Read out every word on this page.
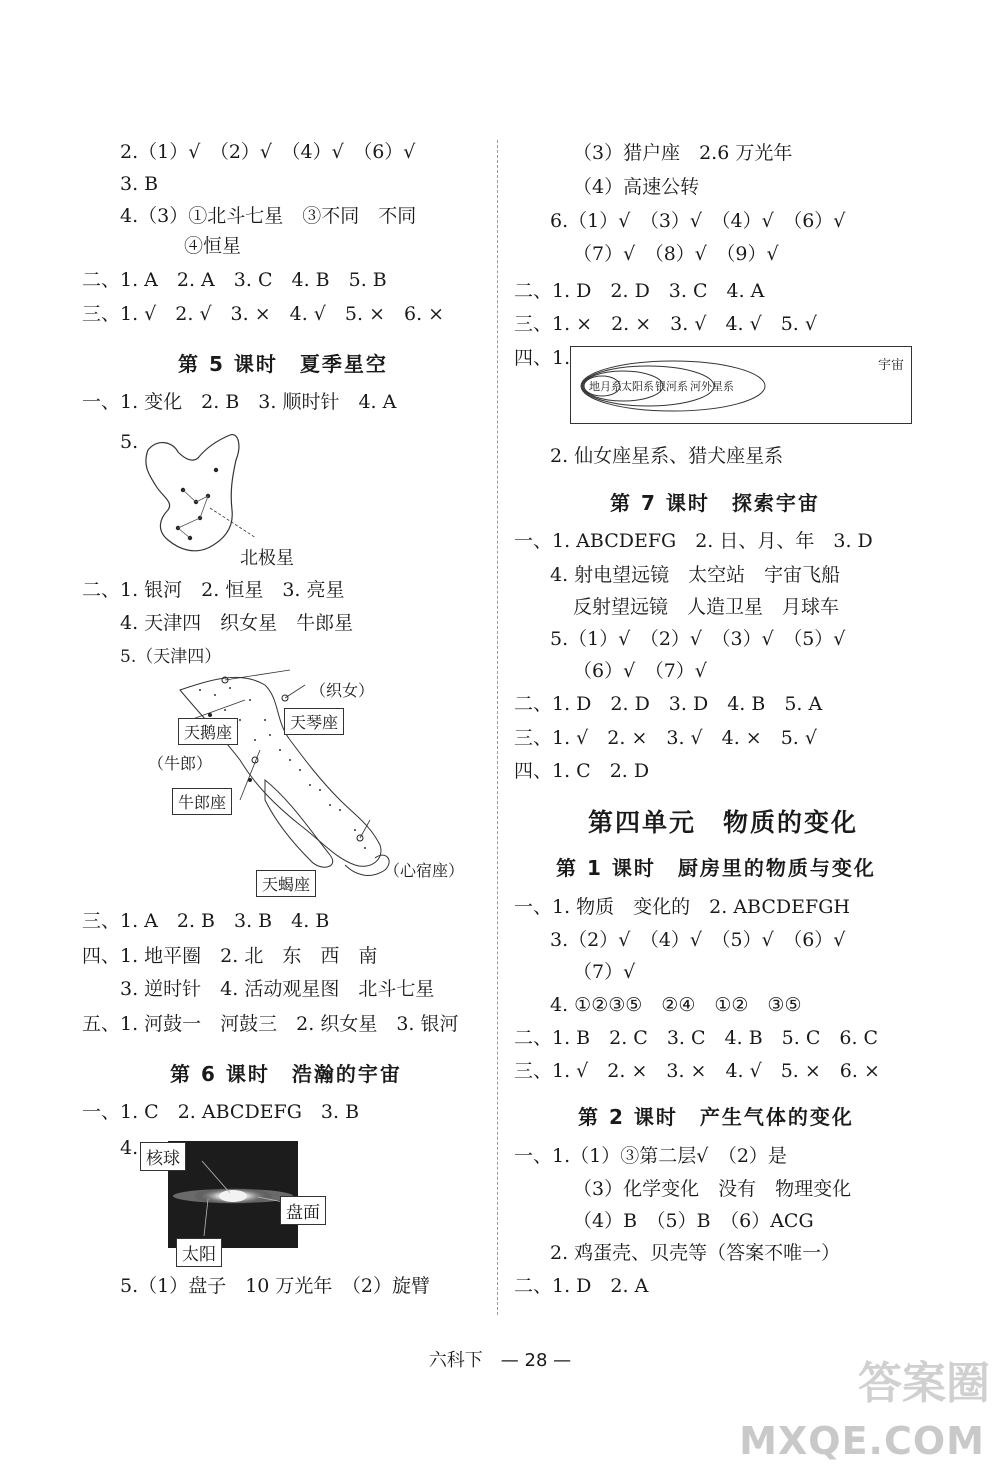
2.（1）√　（2）√　（4）√　（6）√
3. B
4.（3）①北斗七星　③不同　不同
④恒星
二、1. A　2. A　3. C　4. B　5. B
三、1. √　2. √　3. ×　4. √　5. ×　6. ×
第 5 课时　夏季星空
一、1. 变化　2. B　3. 顺时针　4. A
5.
北极星
二、1. 银河　2. 恒星　3. 亮星
4. 天津四　织女星　牛郎星
5.（天津四）
（织女）
天鹅座
天琴座
（牛郎）
牛郎座
（心宿座）
天蝎座
三、1. A　2. B　3. B　4. B
四、1. 地平圈　2. 北　东　西　南
3. 逆时针　4. 活动观星图　北斗七星
五、1. 河鼓一　河鼓三　2. 织女星　3. 银河
第 6 课时　浩瀚的宇宙
一、1. C　2. ABCDEFG　3. B
4. 核球
盘面
太阳
5.（1）盘子　10 万光年　（2）旋臂
（3）猎户座　2.6 万光年
（4）高速公转
6.（1）√　（3）√　（4）√　（6）√
（7）√　（8）√　（9）√
二、1. D　2. D　3. C　4. A
三、1. ×　2. ×　3. √　4. √　5. √
四、1.	宇宙
地月系 太阳系 银河系 河外星系
2. 仙女座星系、猎犬座星系
第 7 课时　探索宇宙
一、1. ABCDEFG　2. 日、月、年　3. D
4. 射电望远镜　太空站　宇宙飞船
反射望远镜　人造卫星　月球车
5.（1）√　（2）√　（3）√　（5）√
（6）√　（7）√
二、1. D　2. D　3. D　4. B　5. A
三、1. √　2. ×　3. √　4. ×　5. √
四、1. C　2. D
第四单元　物质的变化
第 1 课时　厨房里的物质与变化
一、1. 物质　变化的　2. ABCDEFGH
3.（2）√　（4）√　（5）√　（6）√
（7）√
4. ①②③⑤　②④　①②　③⑤
二、1. B　2. C　3. C　4. B　5. C　6. C
三、1. √　2. ×　3. ×　4. √　5. ×　6. ×
第 2 课时　产生气体的变化
一、1.（1）③第二层√　（2）是
（3）化学变化　没有　物理变化
（4）B　（5）B　（6）ACG
2. 鸡蛋壳、贝壳等（答案不唯一）
二、1. D　2. A
六科下　— 28 —	答案圈
MXQE.COM
